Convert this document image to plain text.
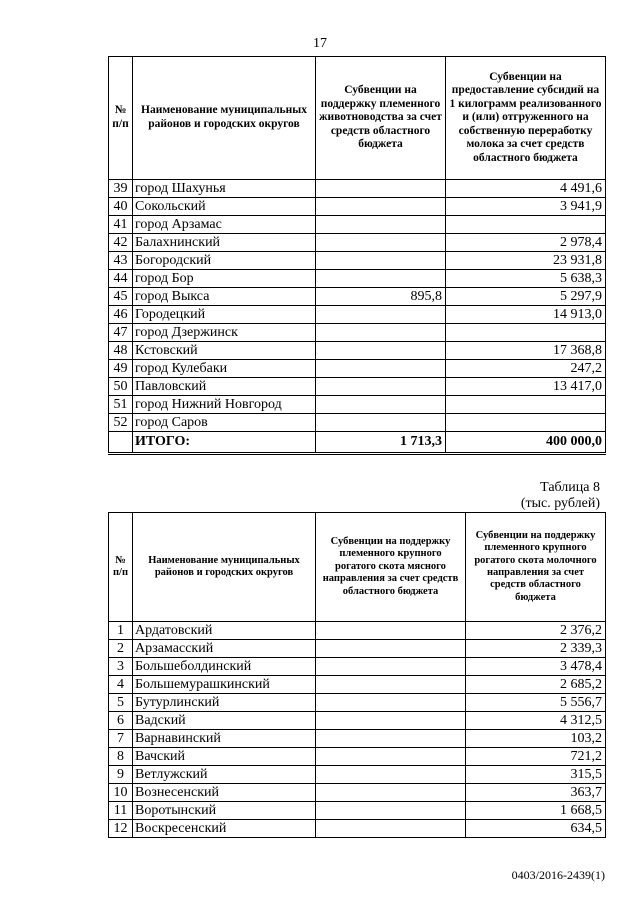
17
№ п/п	Наименование муниципальных районов и городских округов	Субвенции на поддержку племенного животноводства за счет средств областного бюджета	Субвенции на предоставление субсидий на 1 килограмм реализованного и (или) отгруженного на собственную переработку молока за счет средств областного бюджета
39	город Шахунья		4 491,6
40	Сокольский		3 941,9
41	город Арзамас		
42	Балахнинский		2 978,4
43	Богородский		23 931,8
44	город Бор		5 638,3
45	город Выкса	895,8	5 297,9
46	Городецкий		14 913,0
47	город Дзержинск		
48	Кстовский		17 368,8
49	город Кулебаки		247,2
50	Павловский		13 417,0
51	город Нижний Новгород		
52	город Саров		
	ИТОГО:	1 713,3	400 000,0
Таблица 8
(тыс. рублей)
№ п/п	Наименование муниципальных районов и городских округов	Субвенции на поддержку племенного крупного рогатого скота мясного направления за счет средств областного бюджета	Субвенции на поддержку племенного крупного рогатого скота молочного направления за счет средств областного бюджета
1	Ардатовский		2 376,2
2	Арзамасский		2 339,3
3	Большеболдинский		3 478,4
4	Большемурашкинский		2 685,2
5	Бутурлинский		5 556,7
6	Вадский		4 312,5
7	Варнавинский		103,2
8	Вачский		721,2
9	Ветлужский		315,5
10	Вознесенский		363,7
11	Воротынский		1 668,5
12	Воскресенский		634,5
0403/2016-2439(1)
